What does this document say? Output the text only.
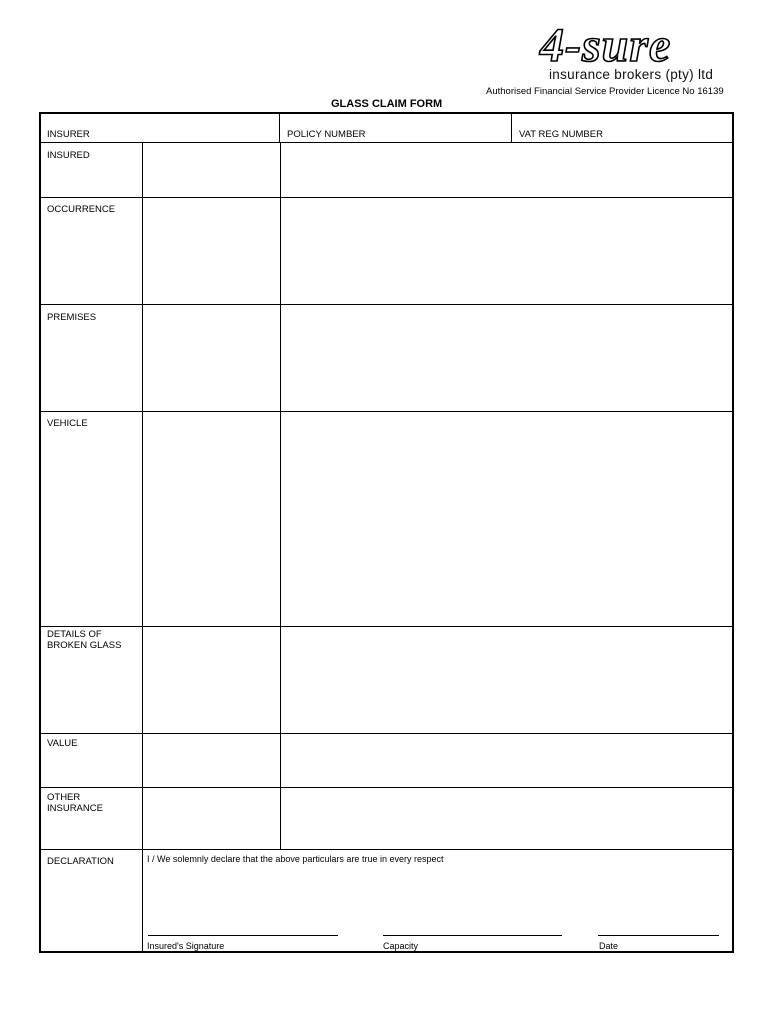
4-sure
insurance brokers (pty) ltd
Authorised Financial Service Provider Licence No 16139
GLASS CLAIM FORM
INSURER	POLICY NUMBER	VAT REG NUMBER
INSURED
OCCURRENCE
PREMISES
VEHICLE
DETAILS OF
BROKEN GLASS
VALUE
OTHER
INSURANCE
DECLARATION	I / We solemnly declare that the above particulars are true in every respect
Insured's Signature	Capacity	Date
